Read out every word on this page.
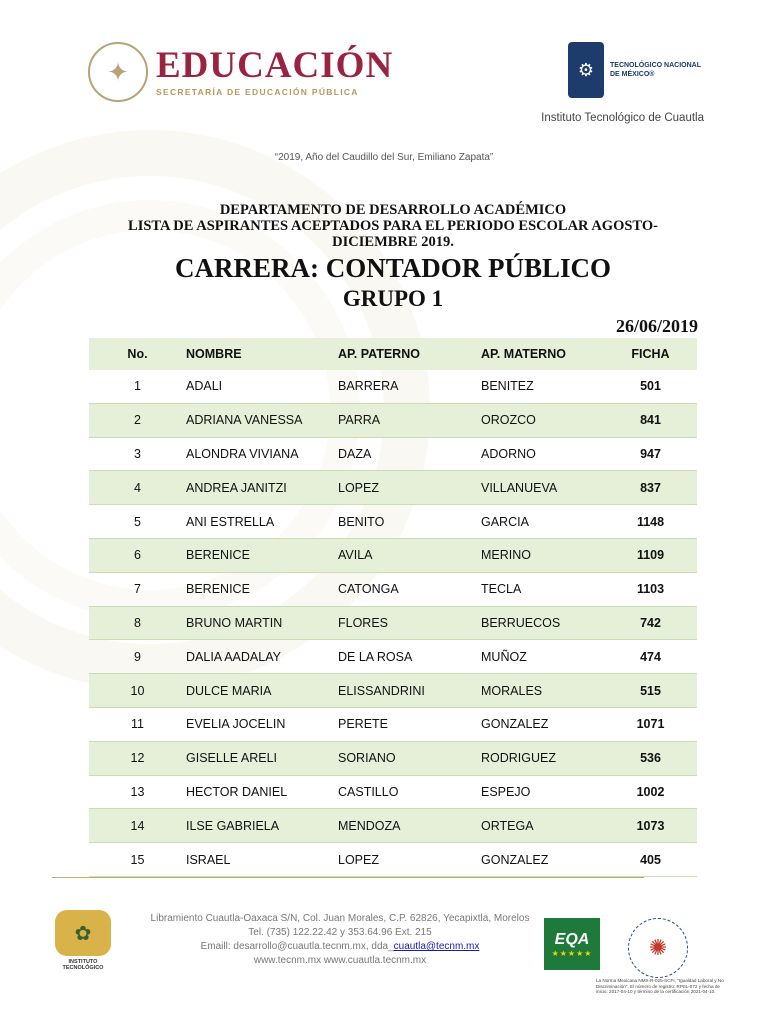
✦ EDUCACIÓN
SECRETARÍA DE EDUCACIÓN PÚBLICA
⚙	TECNOLÓGICO NACIONAL DE MÉXICO®
Instituto Tecnológico de Cuautla
“2019, Año del Caudillo del Sur, Emiliano Zapata”
DEPARTAMENTO DE DESARROLLO ACADÉMICO
LISTA DE ASPIRANTES ACEPTADOS PARA EL PERIODO ESCOLAR AGOSTO-
DICIEMBRE 2019.
CARRERA: CONTADOR PÚBLICO
GRUPO 1
26/06/2019
No.	NOMBRE	AP. PATERNO	AP. MATERNO	FICHA
1	ADALI	BARRERA	BENITEZ	501
2	ADRIANA VANESSA	PARRA	OROZCO	841
3	ALONDRA VIVIANA	DAZA	ADORNO	947
4	ANDREA JANITZI	LOPEZ	VILLANUEVA	837
5	ANI ESTRELLA	BENITO	GARCIA	1148
6	BERENICE	AVILA	MERINO	1109
7	BERENICE	CATONGA	TECLA	1103
8	BRUNO MARTIN	FLORES	BERRUECOS	742
9	DALIA AADALAY	DE LA ROSA	MUÑOZ	474
10	DULCE MARIA	ELISSANDRINI	MORALES	515
11	EVELIA JOCELIN	PERETE	GONZALEZ	1071
12	GISELLE ARELI	SORIANO	RODRIGUEZ	536
13	HECTOR DANIEL	CASTILLO	ESPEJO	1002
14	ILSE GABRIELA	MENDOZA	ORTEGA	1073
15	ISRAEL	LOPEZ	GONZALEZ	405
✿
INSTITUTO TECNOLÓGICO
Libramiento Cuautla-Oaxaca S/N, Col. Juan Morales, C.P. 62826, Yecapixtla, Morelos
Tel. (735) 122.22.42 y 353.64.96 Ext. 215
Emaill: desarrollo@cuautla.tecnm.mx, dda_cuautla@tecnm.mx
www.tecnm.mx www.cuautla.tecnm.mx
EQA
★★★★★	✺
La Norma Mexicana NMX-R-025-SCFI, "Igualdad Laboral y No Discriminación". El número de registro: RPrIL-072 y fecha de inicio: 2017-04-10 y término de la certificación 2021-04-10.
